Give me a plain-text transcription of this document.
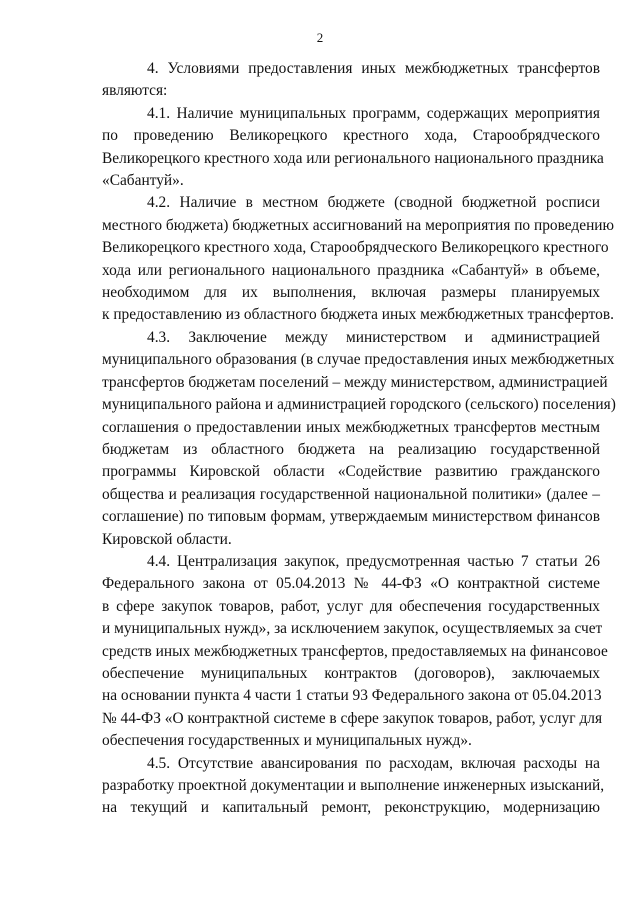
2
4. Условиями предоставления иных межбюджетных трансфертов
являются:
4.1. Наличие муниципальных программ, содержащих мероприятия
по проведению Великорецкого крестного хода, Старообрядческого
Великорецкого крестного хода или регионального национального праздника
«Сабантуй».
4.2. Наличие в местном бюджете (сводной бюджетной росписи
местного бюджета) бюджетных ассигнований на мероприятия по проведению
Великорецкого крестного хода, Старообрядческого Великорецкого крестного
хода или регионального национального праздника «Сабантуй» в объеме,
необходимом для их выполнения, включая размеры планируемых
к предоставлению из областного бюджета иных межбюджетных трансфертов.
4.3. Заключение между министерством и администрацией
муниципального образования (в случае предоставления иных межбюджетных
трансфертов бюджетам поселений – между министерством, администрацией
муниципального района и администрацией городского (сельского) поселения)
соглашения о предоставлении иных межбюджетных трансфертов местным
бюджетам из областного бюджета на реализацию государственной
программы Кировской области «Содействие развитию гражданского
общества и реализация государственной национальной политики» (далее –
соглашение) по типовым формам, утверждаемым министерством финансов
Кировской области.
4.4. Централизация закупок, предусмотренная частью 7 статьи 26
Федерального закона от 05.04.2013 № 44-ФЗ «О контрактной системе
в сфере закупок товаров, работ, услуг для обеспечения государственных
и муниципальных нужд», за исключением закупок, осуществляемых за счет
средств иных межбюджетных трансфертов, предоставляемых на финансовое
обеспечение муниципальных контрактов (договоров), заключаемых
на основании пункта 4 части 1 статьи 93 Федерального закона от 05.04.2013
№ 44-ФЗ «О контрактной системе в сфере закупок товаров, работ, услуг для
обеспечения государственных и муниципальных нужд».
4.5. Отсутствие авансирования по расходам, включая расходы на
разработку проектной документации и выполнение инженерных изысканий,
на текущий и капитальный ремонт, реконструкцию, модернизацию
